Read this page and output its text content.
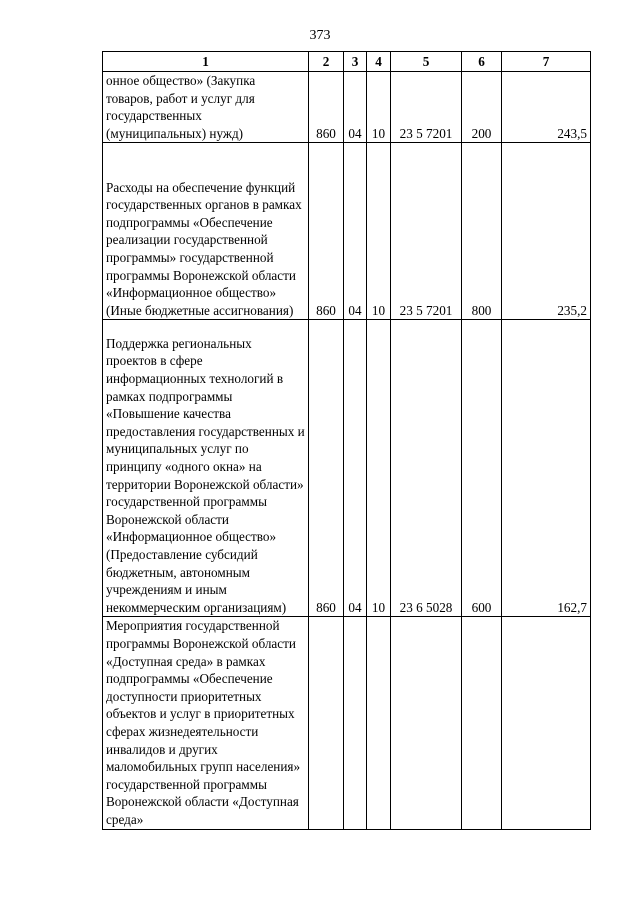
373
1	2	3	4	5	6	7
онное общество» (Закупка товаров, работ и услуг для государственных (муниципальных) нужд)	860	04	10	23 5 7201	200	243,5
Расходы на обеспечение функций государственных органов в рамках подпрограммы «Обеспечение реализации государственной программы» государственной программы Воронежской области «Информационное общество» (Иные бюджетные ассигнования)	860	04	10	23 5 7201	800	235,2
Поддержка региональных проектов в сфере информационных технологий в рамках подпрограммы «Повышение качества предоставления государственных и муниципальных услуг по принципу «одного окна» на территории Воронежской области» государственной программы Воронежской области «Информационное общество» (Предоставление субсидий бюджетным, автономным учреждениям и иным некоммерческим организациям)	860	04	10	23 6 5028	600	162,7
Мероприятия государственной программы Воронежской области «Доступная среда» в рамках подпрограммы «Обеспечение доступности приоритетных объектов и услуг в приоритетных сферах жизнедеятельности инвалидов и других маломобильных групп населения» государственной программы Воронежской области «Доступная среда»						
